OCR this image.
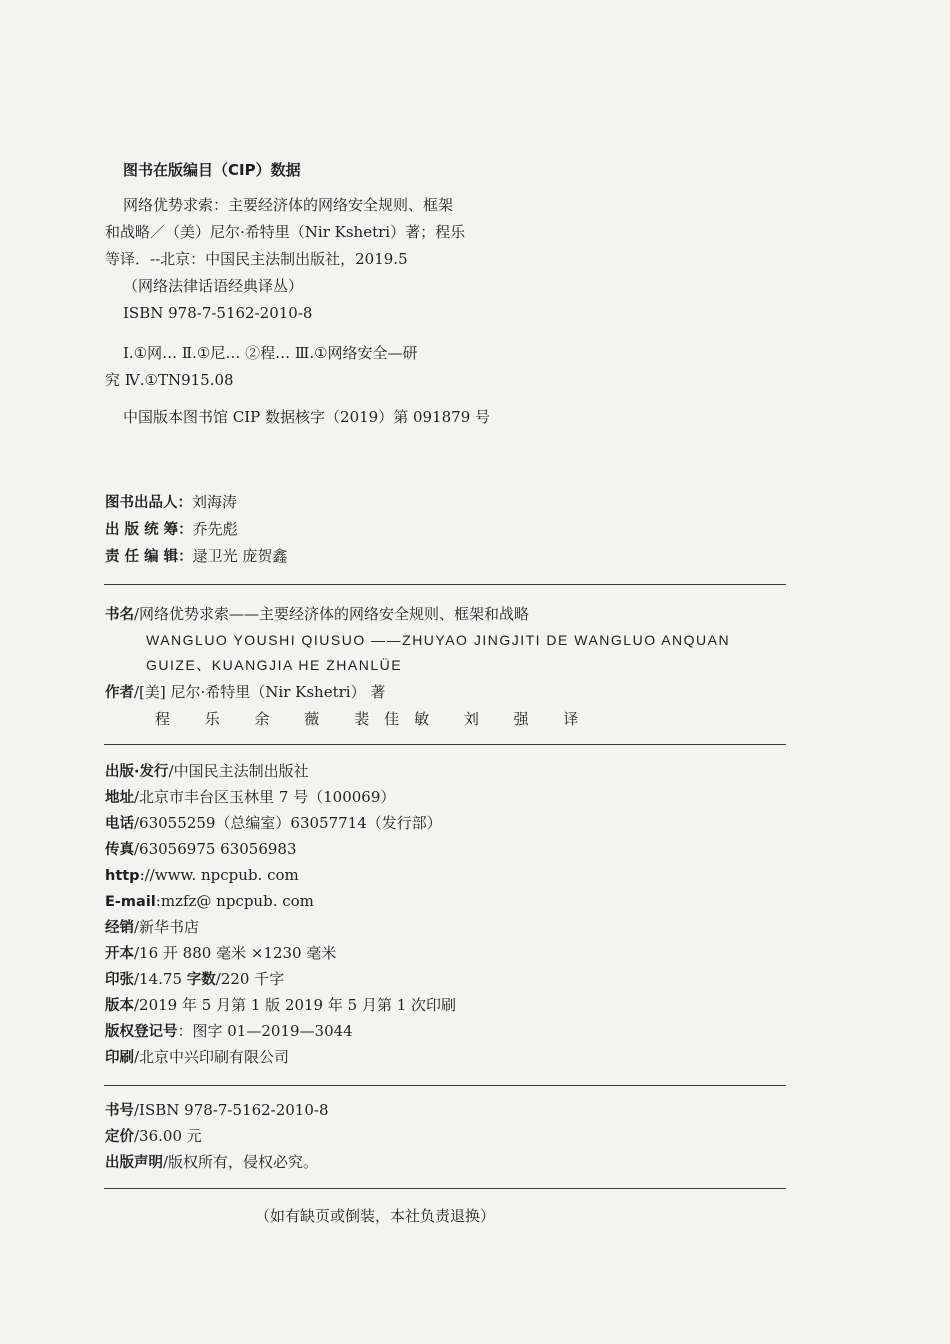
图书在版编目（CIP）数据
网络优势求索：主要经济体的网络安全规则、框架
和战略／（美）尼尔·希特里（Nir Kshetri）著；程乐
等译．--北京：中国民主法制出版社，2019.5
（网络法律话语经典译丛）
ISBN 978-7-5162-2010-8
Ⅰ.①网… Ⅱ.①尼… ②程… Ⅲ.①网络安全—研
究 Ⅳ.①TN915.08
中国版本图书馆 CIP 数据核字（2019）第 091879 号
图书出品人：刘海涛
出 版 统 筹：乔先彪
责 任 编 辑：逯卫光 庞贺鑫
书名/网络优势求索——主要经济体的网络安全规则、框架和战略
WANGLUO YOUSHI QIUSUO ——ZHUYAO JINGJITI DE WANGLUO ANQUAN
GUIZE、KUANGJIA HE ZHANLÜE
作者/[美] 尼尔·希特里（Nir Kshetri） 著
程 乐 余 薇 裴佳敏 刘 强 译
出版·发行/中国民主法制出版社
地址/北京市丰台区玉林里 7 号（100069）
电话/63055259（总编室）63057714（发行部）
传真/63056975 63056983
http://www. npcpub. com
E-mail:mzfz@ npcpub. com
经销/新华书店
开本/16 开 880 毫米 ×1230 毫米
印张/14.75 字数/220 千字
版本/2019 年 5 月第 1 版 2019 年 5 月第 1 次印刷
版权登记号：图字 01—2019—3044
印刷/北京中兴印刷有限公司
书号/ISBN 978-7-5162-2010-8
定价/36.00 元
出版声明/版权所有，侵权必究。
（如有缺页或倒装，本社负责退换）
